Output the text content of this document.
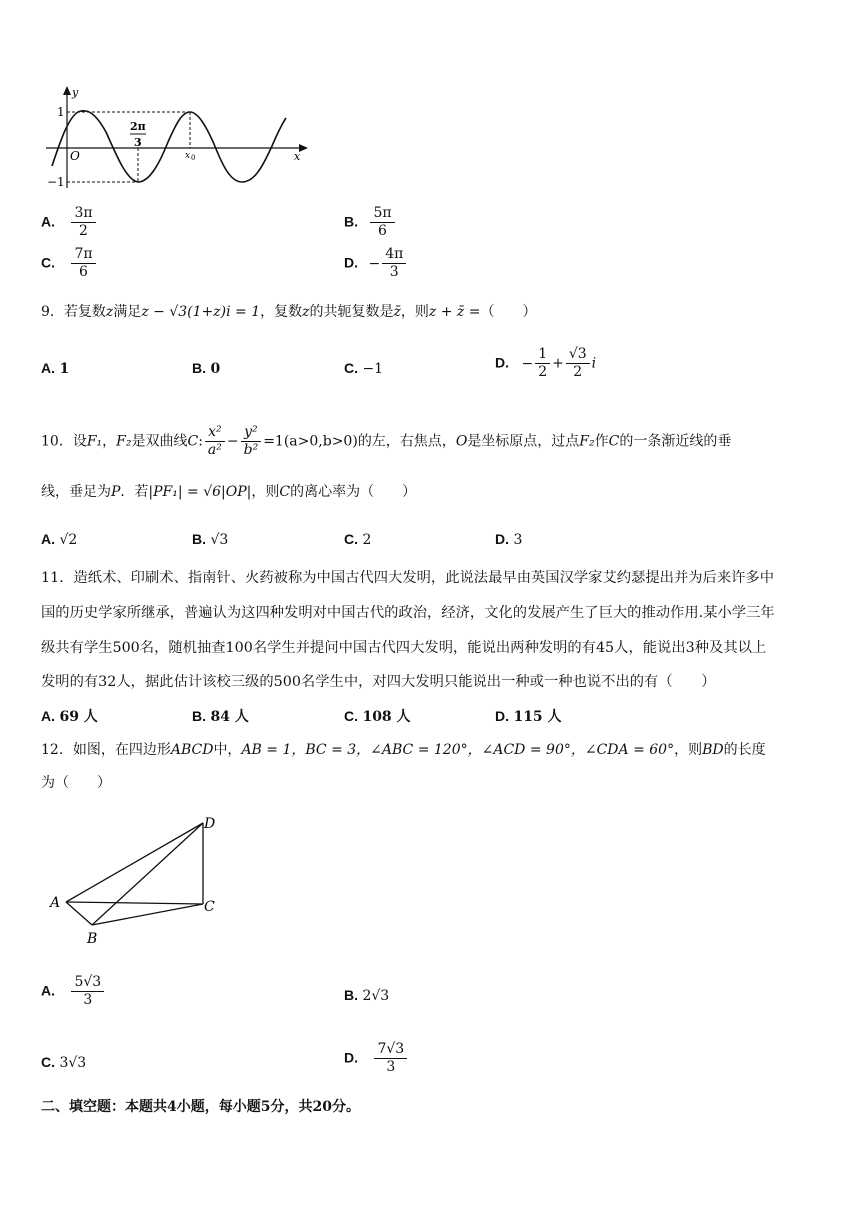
y
x
O
1
−1
2π
3
x 0
A. $\frac{3\pi}{2}$	B. $\frac{5\pi}{6}$
C. $\frac{7\pi}{6}$	D. − $\frac{4\pi}{3}$
9．若复数z满足z − √3(1+z)i = 1，复数z的共轭复数是z̄，则z + z̄ =（　　）
A. 1	B. 0	C. −1	D. − $\frac{1}{2} + \frac{√3}{2}$ i
10．设F₁，F₂是双曲线C: $\frac{\text{x²}}{\text{a²}} - \frac{\text{y²}}{\text{b²}} =1(a>0,b>0)$的左，右焦点，O是坐标原点，过点F₂作C的一条渐近线的垂
线，垂足为P．若|PF₁| = √6|OP|，则C的离心率为（　　）
A. √2	B. √3	C. 2	D. 3
11．造纸术、印刷术、指南针、火药被称为中国古代四大发明，此说法最早由英国汉学家艾约瑟提出并为后来许多中
国的历史学家所继承，普遍认为这四种发明对中国古代的政治，经济，文化的发展产生了巨大的推动作用.某小学三年
级共有学生500名，随机抽查100名学生并提问中国古代四大发明，能说出两种发明的有45人，能说出3种及其以上
发明的有32人，据此估计该校三级的500名学生中，对四大发明只能说出一种或一种也说不出的有（　　）
A. 69 人	B. 84 人	C. 108 人	D. 115 人
12．如图，在四边形ABCD中，AB = 1，BC = 3，∠ABC = 120°，∠ACD = 90°，∠CDA = 60°，则BD的长度
为（　　）
A
B
C
D
A. $\frac{5√3}{3}$	B. 2√3
C. 3√3	D. $\frac{7√3}{3}$
二、填空题：本题共4小题，每小题5分，共20分。
